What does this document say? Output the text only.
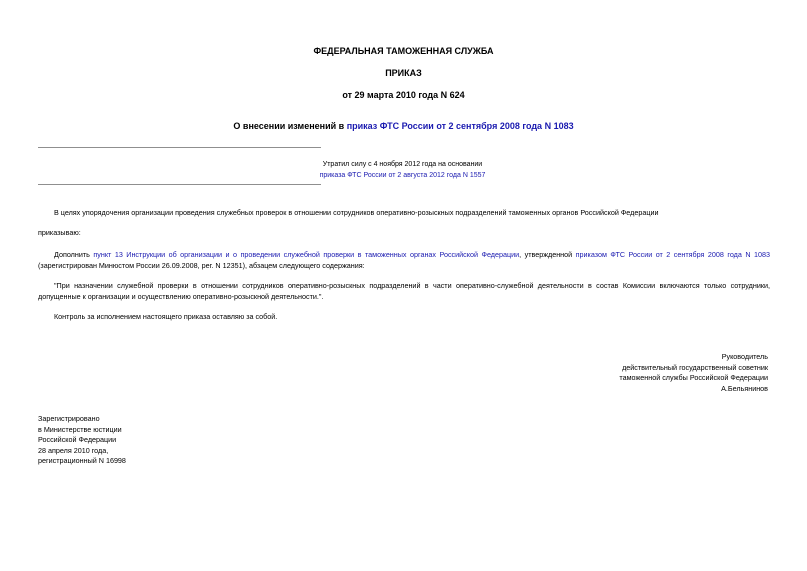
ФЕДЕРАЛЬНАЯ ТАМОЖЕННАЯ СЛУЖБА

ПРИКАЗ

от 29 марта 2010 года N 624

О внесении изменений в приказ ФТС России от 2 сентября 2008 года N 1083

Утратил силу с 4 ноября 2012 года на основании
приказа ФТС России от 2 августа 2012 года N 1557

В целях упорядочения организации проведения служебных проверок в отношении сотрудников оперативно-розыскных подразделений таможенных органов Российской Федерации

приказываю:

Дополнить пункт 13 Инструкции об организации и о проведении служебной проверки в таможенных органах Российской Федерации, утвержденной приказом ФТС России от 2 сентября 2008 года N 1083 (зарегистрирован Минюстом России 26.09.2008, рег. N 12351), абзацем следующего содержания:

"При назначении служебной проверки в отношении сотрудников оперативно-розыскных подразделений в части оперативно-служебной деятельности в состав Комиссии включаются только сотрудники, допущенные к организации и осуществлению оперативно-розыскной деятельности.".

Контроль за исполнением настоящего приказа оставляю за собой.

Руководитель
действительный государственный советник
таможенной службы Российской Федерации
А.Бельянинов
Зарегистрировано
в Министерстве юстиции
Российской Федерации
28 апреля 2010 года,
регистрационный N 16998
